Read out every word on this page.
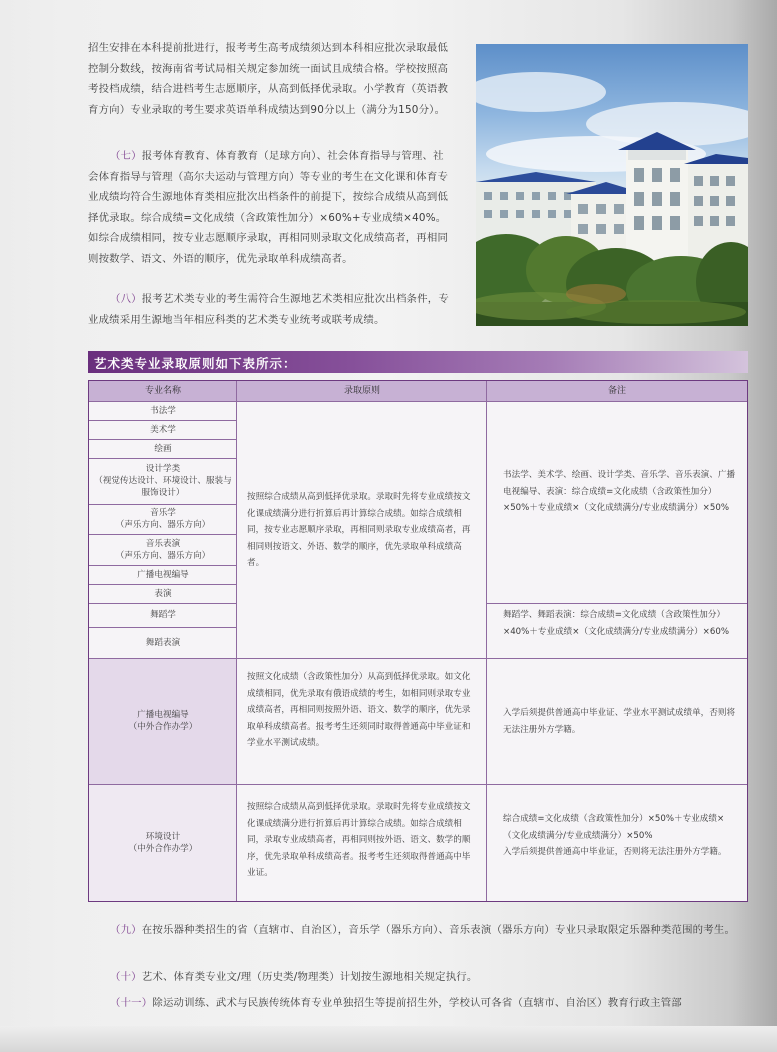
招生安排在本科提前批进行，报考考生高考成绩须达到本科相应批次录取最低控制分数线，按海南省考试局相关规定参加统一面试且成绩合格。学校按照高考投档成绩，结合进档考生志愿顺序，从高到低择优录取。小学教育（英语教育方向）专业录取的考生要求英语单科成绩达到90分以上（满分为150分）。

（七）报考体育教育、体育教育（足球方向）、社会体育指导与管理、社会体育指导与管理（高尔夫运动与管理方向）等专业的考生在文化课和体育专业成绩均符合生源地体育类相应批次出档条件的前提下，按综合成绩从高到低择优录取。综合成绩=文化成绩（含政策性加分）×60%+专业成绩×40%。如综合成绩相同，按专业志愿顺序录取，再相同则录取文化成绩高者，再相同则按数学、语文、外语的顺序，优先录取单科成绩高者。

（八）报考艺术类专业的考生需符合生源地艺术类相应批次出档条件，专业成绩采用生源地当年相应科类的艺术类专业统考或联考成绩。

艺术类专业录取原则如下表所示：
专业名称	录取原则	备注
书法学
美术学
绘画
设计学类
（视觉传达设计、环境设计、服装与服饰设计）
音乐学
（声乐方向、器乐方向）
音乐表演
（声乐方向、器乐方向）
广播电视编导
表演
舞蹈学
舞蹈表演
按照综合成绩从高到低择优录取。录取时先将专业成绩按文化课成绩满分进行折算后再计算综合成绩。如综合成绩相同，按专业志愿顺序录取，再相同则录取专业成绩高者，再相同则按语文、外语、数学的顺序，优先录取单科成绩高者。
书法学、美术学、绘画、设计学类、音乐学、音乐表演、广播电视编导、表演：综合成绩=文化成绩（含政策性加分）×50%＋专业成绩×（文化成绩满分/专业成绩满分）×50%
舞蹈学、舞蹈表演：综合成绩=文化成绩（含政策性加分）×40%＋专业成绩×（文化成绩满分/专业成绩满分）×60%
广播电视编导
（中外合作办学）
按照文化成绩（含政策性加分）从高到低择优录取。如文化成绩相同，优先录取有俄语成绩的考生，如相同则录取专业成绩高者，再相同则按照外语、语文、数学的顺序，优先录取单科成绩高者。报考考生还须同时取得普通高中毕业证和学业水平测试成绩。
入学后须提供普通高中毕业证、学业水平测试成绩单，否则将无法注册外方学籍。
环境设计
（中外合作办学）
按照综合成绩从高到低择优录取。录取时先将专业成绩按文化课成绩满分进行折算后再计算综合成绩。如综合成绩相同，录取专业成绩高者，再相同则按外语、语文、数学的顺序，优先录取单科成绩高者。报考考生还须取得普通高中毕业证。
综合成绩=文化成绩（含政策性加分）×50%＋专业成绩×（文化成绩满分/专业成绩满分）×50%
入学后须提供普通高中毕业证，否则将无法注册外方学籍。

（九）在按乐器种类招生的省（直辖市、自治区），音乐学（器乐方向）、音乐表演（器乐方向）专业只录取限定乐器种类范围的考生。

（十）艺术、体育类专业文/理（历史类/物理类）计划按生源地相关规定执行。

（十一）除运动训练、武术与民族传统体育专业单独招生等提前招生外，学校认可各省（直辖市、自治区）教育行政主管部
